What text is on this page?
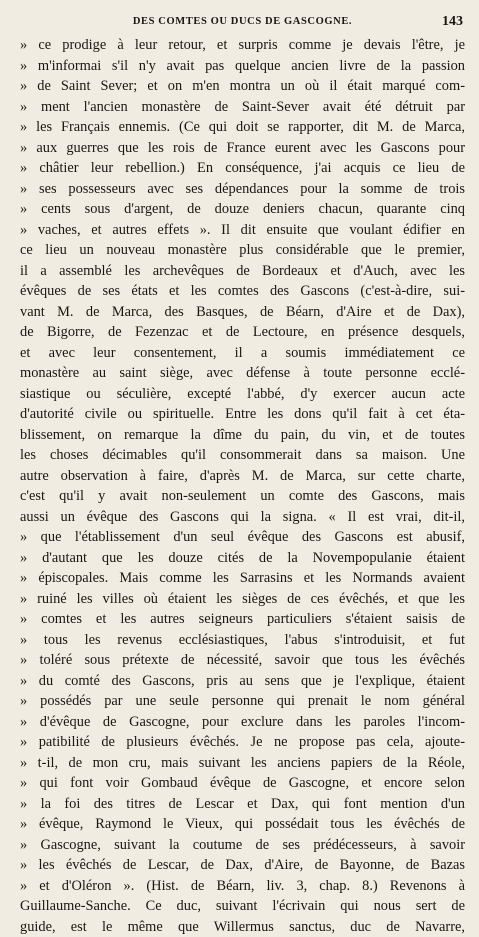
DES COMTES OU DUCS DE GASCOGNE.	143
» ce prodige à leur retour, et surpris comme je devais l'être, je
» m'informai s'il n'y avait pas quelque ancien livre de la passion
» de Saint Sever; et on m'en montra un où il était marqué com-
» ment l'ancien monastère de Saint-Sever avait été détruit par
» les Français ennemis. (Ce qui doit se rapporter, dit M. de Marca,
» aux guerres que les rois de France eurent avec les Gascons pour
» châtier leur rebellion.) En conséquence, j'ai acquis ce lieu de
» ses possesseurs avec ses dépendances pour la somme de trois
» cents sous d'argent, de douze deniers chacun, quarante cinq
» vaches, et autres effets ». Il dit ensuite que voulant édifier en
ce lieu un nouveau monastère plus considérable que le premier,
il a assemblé les archevêques de Bordeaux et d'Auch, avec les
évêques de ses états et les comtes des Gascons (c'est-à-dire, sui-
vant M. de Marca, des Basques, de Béarn, d'Aire et de Dax),
de Bigorre, de Fezenzac et de Lectoure, en présence desquels,
et avec leur consentement, il a soumis immédiatement ce
monastère au saint siège, avec défense à toute personne ecclé-
siastique ou séculière, excepté l'abbé, d'y exercer aucun acte
d'autorité civile ou spirituelle. Entre les dons qu'il fait à cet éta-
blissement, on remarque la dîme du pain, du vin, et de toutes
les choses décimables qu'il consommerait dans sa maison. Une
autre observation à faire, d'après M. de Marca, sur cette charte,
c'est qu'il y avait non-seulement un comte des Gascons, mais
aussi un évêque des Gascons qui la signa. « Il est vrai, dit-il,
» que l'établissement d'un seul évêque des Gascons est abusif,
» d'autant que les douze cités de la Novempopulanie étaient
» épiscopales. Mais comme les Sarrasins et les Normands avaient
» ruiné les villes où étaient les sièges de ces évêchés, et que les
» comtes et les autres seigneurs particuliers s'étaient saisis de
» tous les revenus ecclésiastiques, l'abus s'introduisit, et fut
» toléré sous prétexte de nécessité, savoir que tous les évêchés
» du comté des Gascons, pris au sens que je l'explique, étaient
» possédés par une seule personne qui prenait le nom général
» d'évêque de Gascogne, pour exclure dans les paroles l'incom-
» patibilité de plusieurs évêchés. Je ne propose pas cela, ajoute-
» t-il, de mon cru, mais suivant les anciens papiers de la Réole,
» qui font voir Gombaud évêque de Gascogne, et encore selon
» la foi des titres de Lescar et Dax, qui font mention d'un
» évêque, Raymond le Vieux, qui possédait tous les évêchés de
» Gascogne, suivant la coutume de ses prédécesseurs, à savoir
» les évêchés de Lescar, de Dax, d'Aire, de Bayonne, de Bazas
» et d'Oléron ». (Hist. de Béarn, liv. 3, chap. 8.) Revenons à
Guillaume-Sanche. Ce duc, suivant l'écrivain qui nous sert de
guide, est le même que Willermus sanctus, duc de Navarre,
